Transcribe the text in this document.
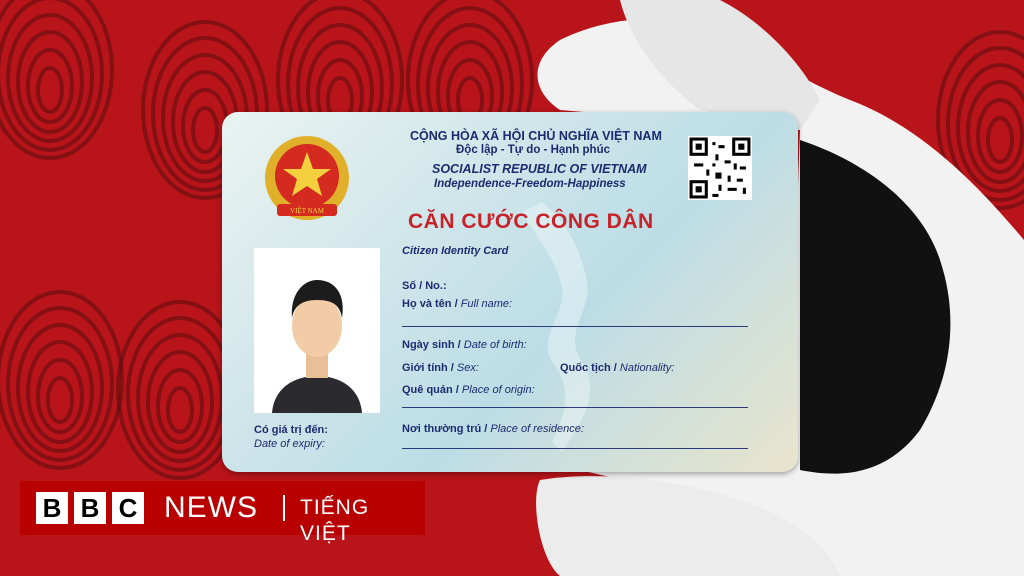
VIỆT NAM
CỘNG HÒA XÃ HỘI CHỦ NGHĨA VIỆT NAM
Độc lập - Tự do - Hạnh phúc
SOCIALIST REPUBLIC OF VIETNAM
Independence-Freedom-Happiness
CĂN CƯỚC CÔNG DÂN
Citizen Identity Card
Số / No.:
Họ và tên / Full name:
Ngày sinh / Date of birth:
Giới tính / Sex:	Quốc tịch / Nationality:
Quê quán / Place of origin:
Có giá trị đến:
Date of expiry:
Nơi thường trú / Place of residence:
B B C NEWS TIẾNG VIỆT
